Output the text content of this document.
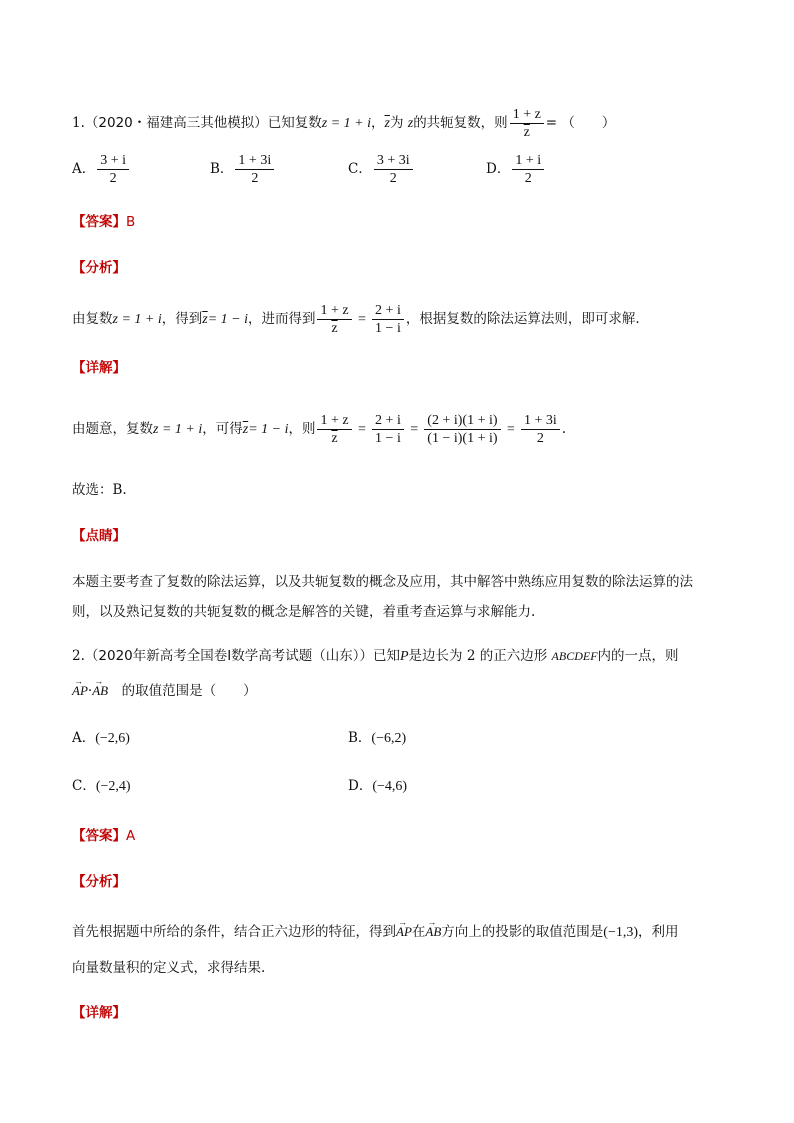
1.（2020・福建高三其他模拟）已知复数z = 1 + i，$\overline{z}$为 z的共轭复数，则 $\frac{1 + z}{z}$ = （　　）
A． $\frac{3 + i}{2}$	B． $\frac{1 + 3i}{2}$	C． $\frac{3 + 3i}{2}$	D． $\frac{1 + i}{2}$
【答案】B
【分析】
由复数z = 1 + i，得到$\overline{z}= 1 - i$，进而得到 $\frac{1 + z}{z} = \frac{2 + i}{1 - i}$ ，根据复数的除法运算法则，即可求解.
【详解】
由题意，复数z = 1 + i，可得$\overline{z}= 1 - i$，则 $\frac{1 + z}{z} = \frac{2 + i}{1 - i} = \frac{(2 + i)(1 + i)}{(1 - i)(1 + i)} = \frac{1 + 3i}{2}$ .
故选：B.
【点睛】
本题主要考查了复数的除法运算，以及共轭复数的概念及应用，其中解答中熟练应用复数的除法运算的法
则，以及熟记复数的共轭复数的概念是解答的关键，着重考查运算与求解能力.
2.（2020年新高考全国卷Ⅰ数学高考试题（山东））已知P是边长为 2 的正六边形 ABCDEF内的一点，则
→ AP·→ AB　 的取值范围是（　　）
A．(−2,6)	B．(−6,2)
C．(−2,4)	D．(−4,6)
【答案】A
【分析】
首先根据题中所给的条件，结合正六边形的特征，得到→ AP在→ AB方向上的投影的取值范围是(−1,3)，利用
向量数量积的定义式，求得结果.
【详解】
